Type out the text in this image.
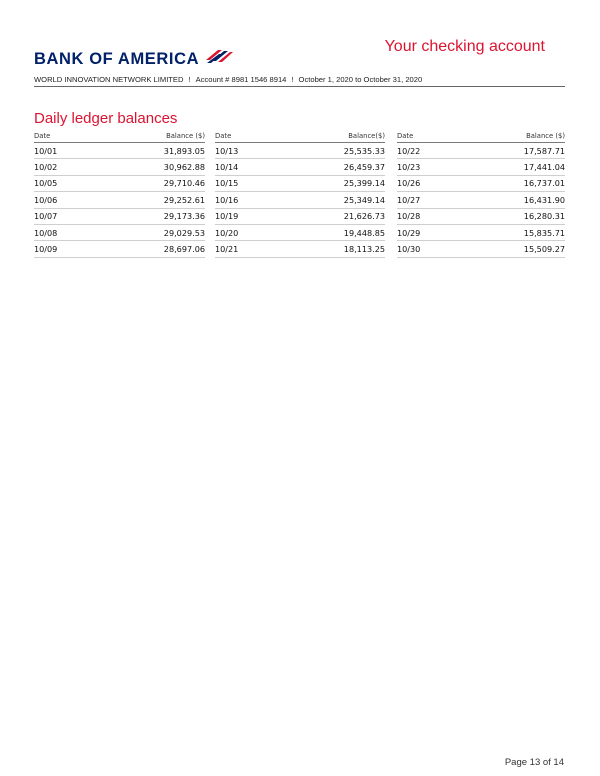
BANK OF AMERICA
Your checking account
WORLD INNOVATION NETWORK LIMITED ! Account # 8981 1546 8914 ! October 1, 2020 to October 31, 2020
Daily ledger balances
Date	Balance ($)
10/01	31,893.05
10/02	30,962.88
10/05	29,710.46
10/06	29,252.61
10/07	29,173.36
10/08	29,029.53
10/09	28,697.06
Date	Balance($)
10/13	25,535.33
10/14	26,459.37
10/15	25,399.14
10/16	25,349.14
10/19	21,626.73
10/20	19,448.85
10/21	18,113.25
Date	Balance ($)
10/22	17,587.71
10/23	17,441.04
10/26	16,737.01
10/27	16,431.90
10/28	16,280.31
10/29	15,835.71
10/30	15,509.27
Page 13 of 14
